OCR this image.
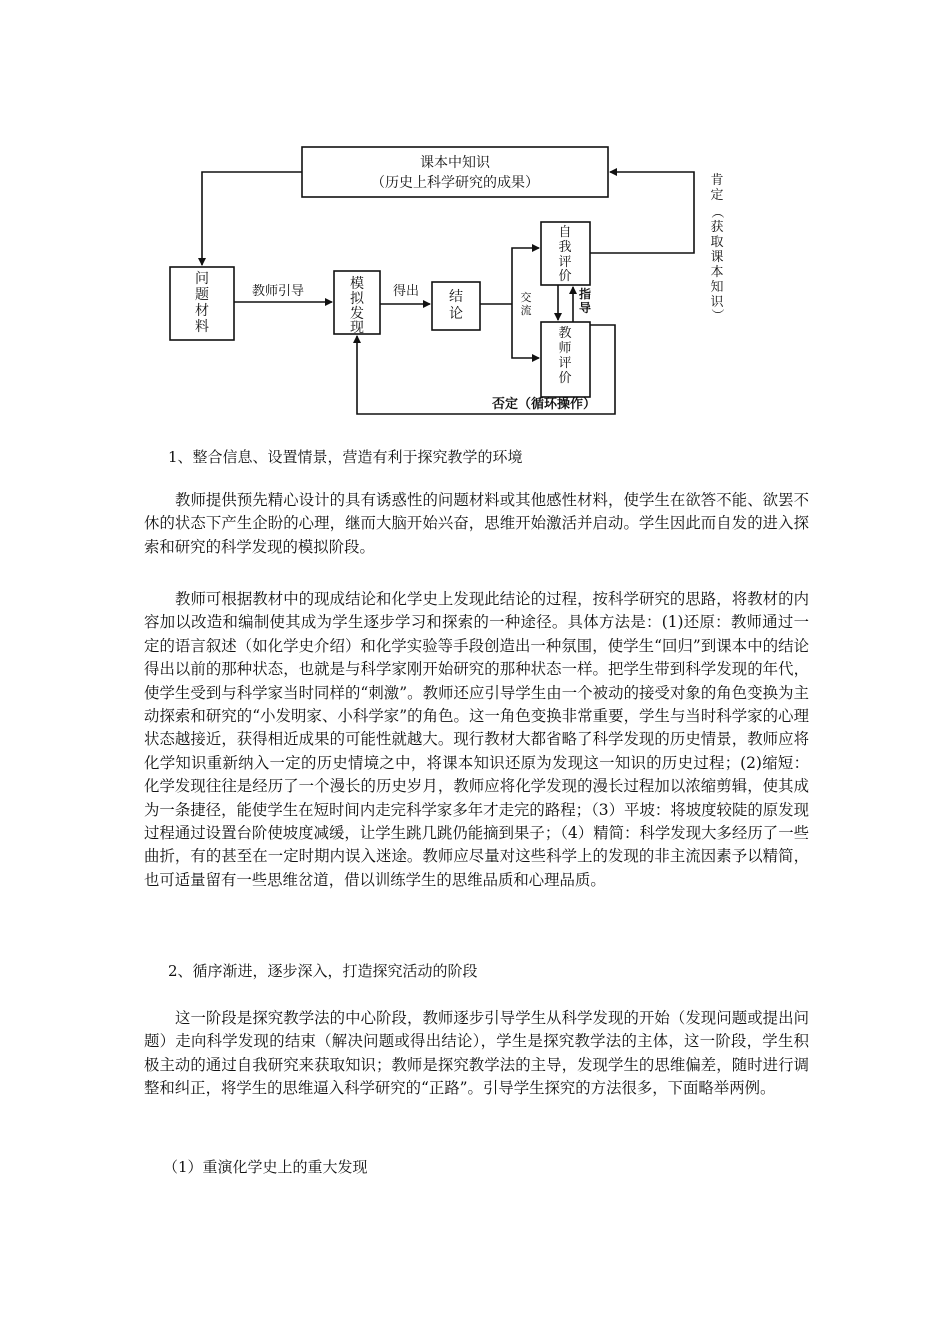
课本中知识
（历史上科学研究的成果）
问
题
材
料
模
拟
发
现
结
论
自
我
评
价
教
师
评
价
教师引导	得出	交
流
指
导
肯
定
（
获
取
课
本
知
识
）
否定（循环操作）
1、整合信息、设置情景，营造有利于探究教学的环境
教师提供预先精心设计的具有诱惑性的问题材料或其他感性材料，使学生在欲答不能、欲罢不休的状态下产生企盼的心理，继而大脑开始兴奋，思维开始激活并启动。学生因此而自发的进入探索和研究的科学发现的模拟阶段。
教师可根据教材中的现成结论和化学史上发现此结论的过程，按科学研究的思路，将教材的内容加以改造和编制使其成为学生逐步学习和探索的一种途径。具体方法是：(1)还原：教师通过一定的语言叙述（如化学史介绍）和化学实验等手段创造出一种氛围，使学生“回归”到课本中的结论得出以前的那种状态，也就是与科学家刚开始研究的那种状态一样。把学生带到科学发现的年代，使学生受到与科学家当时同样的“刺激”。教师还应引导学生由一个被动的接受对象的角色变换为主动探索和研究的“小发明家、小科学家”的角色。这一角色变换非常重要，学生与当时科学家的心理状态越接近，获得相近成果的可能性就越大。现行教材大都省略了科学发现的历史情景，教师应将化学知识重新纳入一定的历史情境之中，将课本知识还原为发现这一知识的历史过程；(2)缩短：化学发现往往是经历了一个漫长的历史岁月，教师应将化学发现的漫长过程加以浓缩剪辑，使其成为一条捷径，能使学生在短时间内走完科学家多年才走完的路程；（3）平坡：将坡度较陡的原发现过程通过设置台阶使坡度减缓，让学生跳几跳仍能摘到果子；（4）精简：科学发现大多经历了一些曲折，有的甚至在一定时期内误入迷途。教师应尽量对这些科学上的发现的非主流因素予以精简，也可适量留有一些思维岔道，借以训练学生的思维品质和心理品质。
2、循序渐进，逐步深入，打造探究活动的阶段
这一阶段是探究教学法的中心阶段，教师逐步引导学生从科学发现的开始（发现问题或提出问题）走向科学发现的结束（解决问题或得出结论），学生是探究教学法的主体，这一阶段，学生积极主动的通过自我研究来获取知识；教师是探究教学法的主导，发现学生的思维偏差，随时进行调整和纠正，将学生的思维逼入科学研究的“正路”。引导学生探究的方法很多，下面略举两例。
（1）重演化学史上的重大发现
